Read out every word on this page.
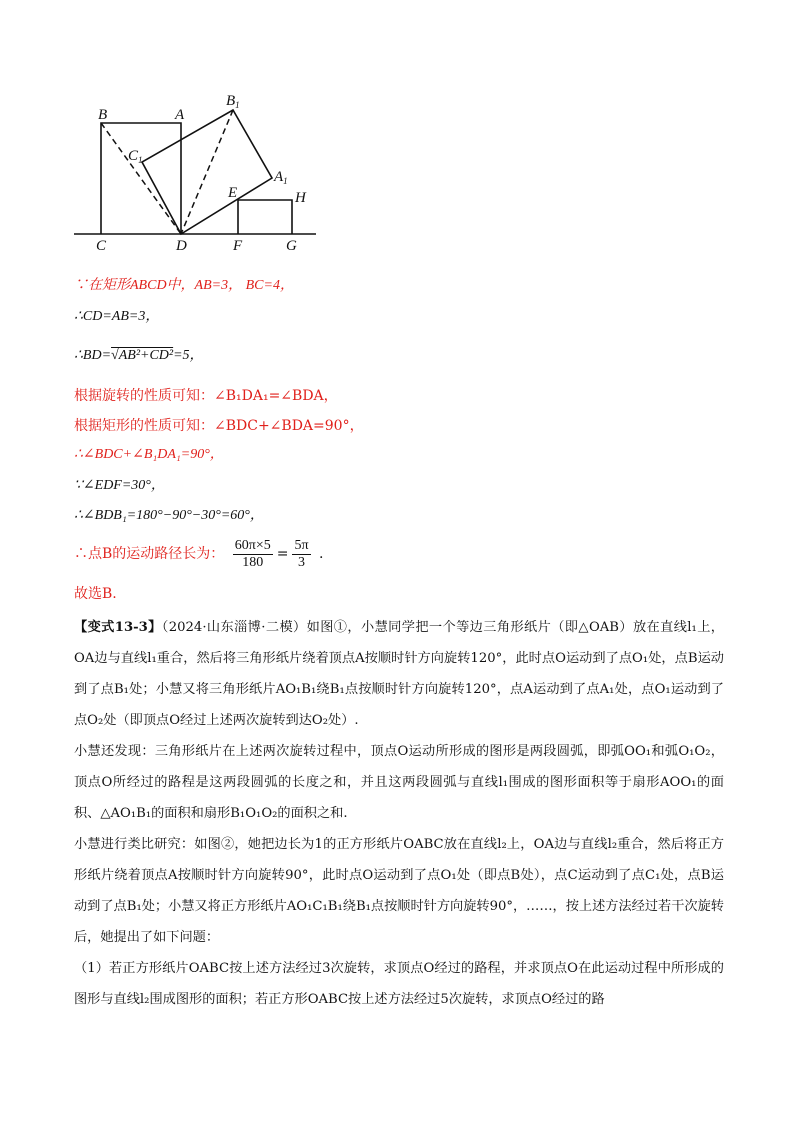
B	A
$B_1$
$C_1$
$A_1$
E	H
C	D	F	G
∵在矩形ABCD中，AB=3， BC=4，
∴CD=AB=3，
∴BD=√AB²+CD²=5，
根据旋转的性质可知：∠B₁DA₁=∠BDA，
根据矩形的性质可知：∠BDC+∠BDA=90°，
∴∠BDC+∠B₁DA₁=90°，
∵∠EDF=30°，
∴∠BDB₁=180°−90°−30°=60°，
∴点B的运动路径长为： $\frac{60\pi\times 5}{180} = \frac{5\pi}{3}$ .
故选B.

【变式13-3】（2024·山东淄博·二模）如图①，小慧同学把一个等边三角形纸片（即△OAB）放在直线l₁上，OA边与直线l₁重合，然后将三角形纸片绕着顶点A按顺时针方向旋转120°，此时点O运动到了点O₁处，点B运动到了点B₁处；小慧又将三角形纸片AO₁B₁绕B₁点按顺时针方向旋转120°，点A运动到了点A₁处，点O₁运动到了点O₂处（即顶点O经过上述两次旋转到达O₂处）.

小慧还发现：三角形纸片在上述两次旋转过程中，顶点O运动所形成的图形是两段圆弧，即弧OO₁和弧O₁O₂，顶点O所经过的路程是这两段圆弧的长度之和，并且这两段圆弧与直线l₁围成的图形面积等于扇形AOO₁的面积、△AO₁B₁的面积和扇形B₁O₁O₂的面积之和.

小慧进行类比研究：如图②，她把边长为1的正方形纸片OABC放在直线l₂上，OA边与直线l₂重合，然后将正方形纸片绕着顶点A按顺时针方向旋转90°，此时点O运动到了点O₁处（即点B处），点C运动到了点C₁处，点B运动到了点B₁处；小慧又将正方形纸片AO₁C₁B₁绕B₁点按顺时针方向旋转90°，……，按上述方法经过若干次旋转后，她提出了如下问题：

（1）若正方形纸片OABC按上述方法经过3次旋转，求顶点O经过的路程，并求顶点O在此运动过程中所形成的图形与直线l₂围成图形的面积；若正方形OABC按上述方法经过5次旋转，求顶点O经过的路
